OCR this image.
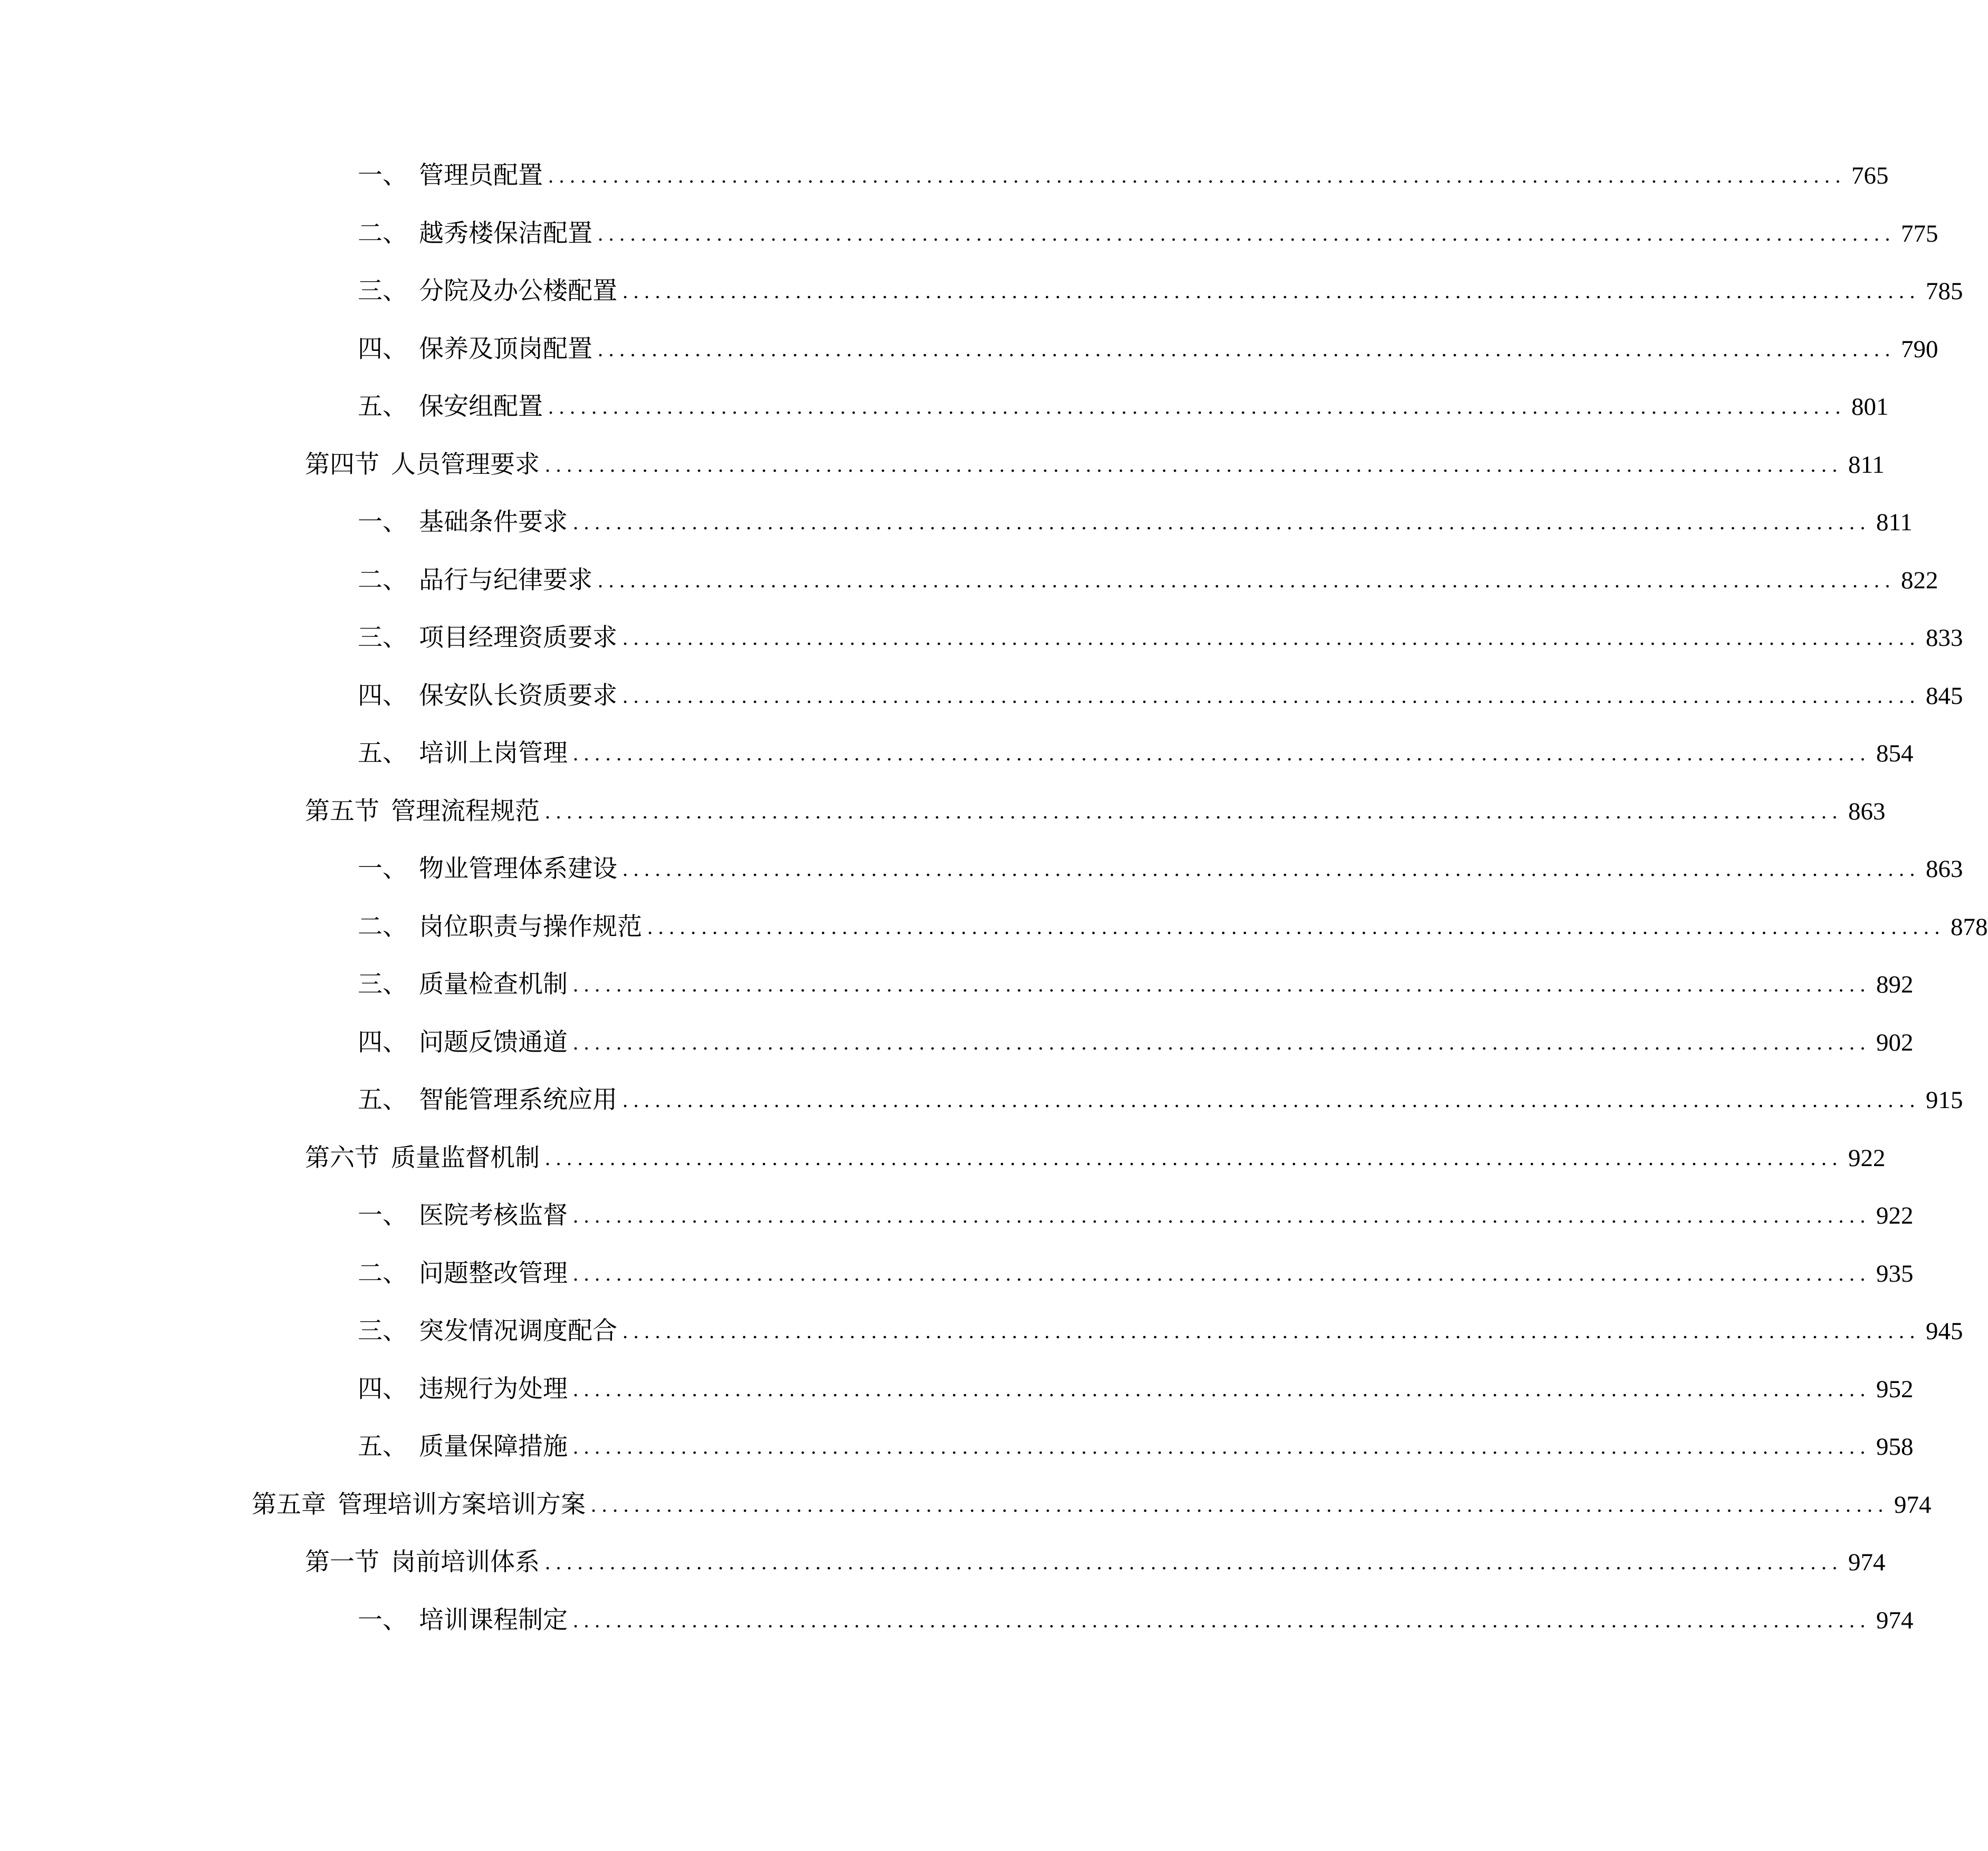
一、 管理员配置 ........................................................................................................................ 765
二、 越秀楼保洁配置 ........................................................................................................................ 775
三、 分院及办公楼配置 ........................................................................................................................ 785
四、 保养及顶岗配置 ........................................................................................................................ 790
五、 保安组配置 ........................................................................................................................ 801
第四节 人员管理要求 ........................................................................................................................ 811
一、 基础条件要求 ........................................................................................................................ 811
二、 品行与纪律要求 ........................................................................................................................ 822
三、 项目经理资质要求 ........................................................................................................................ 833
四、 保安队长资质要求 ........................................................................................................................ 845
五、 培训上岗管理 ........................................................................................................................ 854
第五节 管理流程规范 ........................................................................................................................ 863
一、 物业管理体系建设 ........................................................................................................................ 863
二、 岗位职责与操作规范 ........................................................................................................................ 878
三、 质量检查机制 ........................................................................................................................ 892
四、 问题反馈通道 ........................................................................................................................ 902
五、 智能管理系统应用 ........................................................................................................................ 915
第六节 质量监督机制 ........................................................................................................................ 922
一、 医院考核监督 ........................................................................................................................ 922
二、 问题整改管理 ........................................................................................................................ 935
三、 突发情况调度配合 ........................................................................................................................ 945
四、 违规行为处理 ........................................................................................................................ 952
五、 质量保障措施 ........................................................................................................................ 958
第五章 管理培训方案培训方案 ........................................................................................................................ 974
第一节 岗前培训体系 ........................................................................................................................ 974
一、 培训课程制定 ........................................................................................................................ 974
